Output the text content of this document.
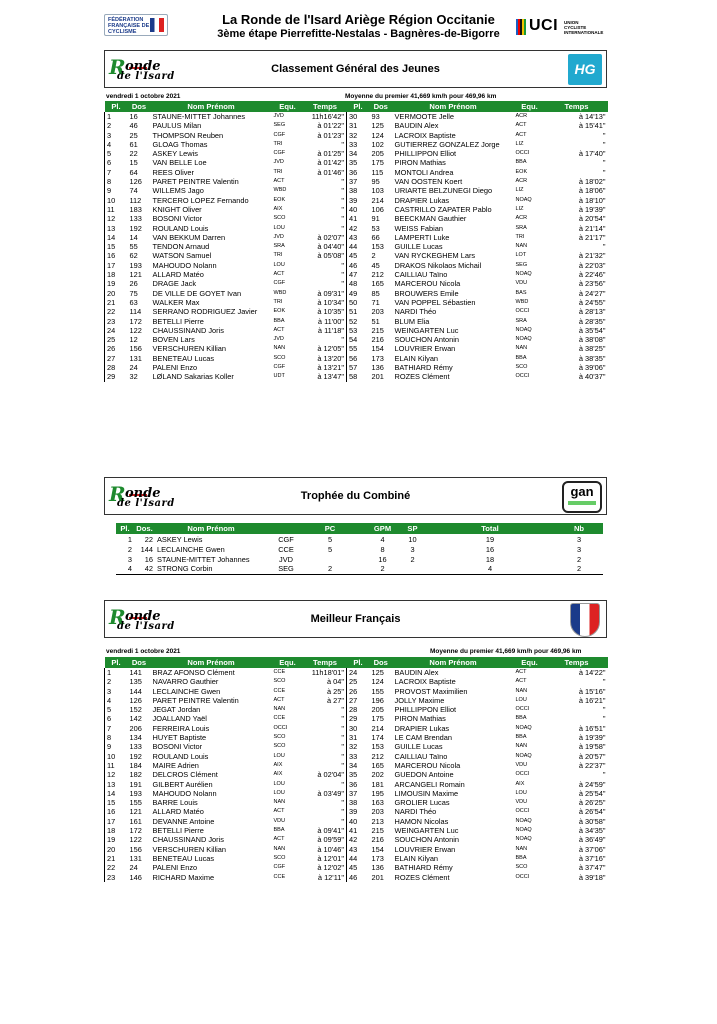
FÉDÉRATION FRANÇAISE DE CYCLISME
La Ronde de l'Isard Ariège Région Occitanie
3ème étape Pierrefitte-Nestalas - Bagnères-de-Bigorre	UCI UNION CYCLISTE INTERNATIONALE
R onde
de l'Isard
Classement Général des Jeunes	HG
vendredi 1 octobre 2021	Moyenne du premier 41,669 km/h pour 469,96 km
Pl.	Dos	Nom Prénom	Equ.	Temps	Pl.	Dos	Nom Prénom	Equ.	Temps
1	16	STAUNE-MITTET Johannes	JVD	11h16'42"	30	93	VERMOOTE Jelle	ACR	à 14'13"
2	46	PAULUS Milan	SEG	à 01'22"	31	125	BAUDIN Alex	ACT	à 15'41"
3	25	THOMPSON Reuben	CGF	à 01'23"	32	124	LACROIX Baptiste	ACT	"
4	61	GLOAG Thomas	TRI	"	33	102	GUTIERREZ GONZALEZ Jorge	LIZ	"
5	22	ASKEY Lewis	CGF	à 01'25"	34	205	PHILLIPPON Elliot	OCCI	à 17'40"
6	15	VAN BELLE Loe	JVD	à 01'42"	35	175	PIRON Mathias	BBA	"
7	64	REES Oliver	TRI	à 01'46"	36	115	MONTOLI Andrea	EOK	"
8	126	PARET PEINTRE Valentin	ACT	"	37	95	VAN OOSTEN Koert	ACR	à 18'02"
9	74	WILLEMS Jago	WBD	"	38	103	URIARTE BELZUNEGI Diego	LIZ	à 18'06"
10	112	TERCERO LOPEZ Fernando	EOK	"	39	214	DRAPIER Lukas	NOAQ	à 18'10"
11	183	KNIGHT Oliver	AIX	"	40	106	CASTRILLO ZAPATER Pablo	LIZ	à 19'39"
12	133	BOSONI Victor	SCO	"	41	91	BEECKMAN Gauthier	ACR	à 20'54"
13	192	ROULAND Louis	LOU	"	42	53	WEISS Fabian	SRA	à 21'14"
14	14	VAN BEKKUM Darren	JVD	à 02'07"	43	66	LAMPERTI Luke	TRI	à 21'17"
15	55	TENDON Arnaud	SRA	à 04'40"	44	153	GUILLE Lucas	NAN	"
16	62	WATSON Samuel	TRI	à 05'08"	45	2	VAN RYCKEGHEM Lars	LOT	à 21'32"
17	193	MAHOUDO Nolann	LOU	"	46	45	DRAKOS Nikolaos Michail	SEG	à 22'03"
18	121	ALLARD Matéo	ACT	"	47	212	CAILLIAU Taïno	NOAQ	à 22'46"
19	26	DRAGE Jack	CGF	"	48	165	MARCEROU Nicola	VDU	à 23'56"
20	75	DE VILLE DE GOYET Ivan	WBD	à 09'31"	49	85	BROUWERS Emile	BAS	à 24'27"
21	63	WALKER Max	TRI	à 10'34"	50	71	VAN POPPEL Sébastien	WBD	à 24'55"
22	114	SERRANO RODRIGUEZ Javier	EOK	à 10'35"	51	203	NARDI Théo	OCCI	à 28'13"
23	172	BETELLI Pierre	BBA	à 11'00"	52	51	BLUM Elia	SRA	à 28'35"
24	122	CHAUSSINAND Joris	ACT	à 11'18"	53	215	WEINGARTEN Luc	NOAQ	à 35'54"
25	12	BOVEN Lars	JVD	"	54	216	SOUCHON Antonin	NOAQ	à 38'08"
26	156	VERSCHUREN Killian	NAN	à 12'05"	55	154	LOUVRIER Erwan	NAN	à 38'25"
27	131	BENETEAU Lucas	SCO	à 13'20"	56	173	ELAIN Kilyan	BBA	à 38'35"
28	24	PALENI Enzo	CGF	à 13'21"	57	136	BATHIARD Rémy	SCO	à 39'06"
29	32	LØLAND Sakarias Koller	UDT	à 13'47"	58	201	ROZES Clément	OCCI	à 40'37"
R onde
de l'Isard
Trophée du Combiné	gan
Pl.	Dos.	Nom Prénom		PC		GPM	SP	Total	Nb
1	22	ASKEY Lewis	CGF	5		4	10	19	3
2	144	LECLAINCHE Gwen	CCE	5		8	3	16	3
3	16	STAUNE-MITTET Johannes	JVD			16	2	18	2
4	42	STRONG Corbin	SEG	2		2		4	2
R onde
de l'Isard
Meilleur Français
vendredi 1 octobre 2021	Moyenne du premier 41,669 km/h pour 469,96 km
Pl.	Dos	Nom Prénom	Equ.	Temps	Pl.	Dos	Nom Prénom	Equ.	Temps
1	141	BRAZ AFONSO Clément	CCE	11h18'01"	24	125	BAUDIN Alex	ACT	à 14'22"
2	135	NAVARRO Gauthier	SCO	à 04"	25	124	LACROIX Baptiste	ACT	"
3	144	LECLAINCHE Gwen	CCE	à 25"	26	155	PROVOST Maximilien	NAN	à 15'16"
4	126	PARET PEINTRE Valentin	ACT	à 27"	27	196	JOLLY Maxime	LOU	à 16'21"
5	152	JEGAT Jordan	NAN	"	28	205	PHILLIPPON Elliot	OCCI	"
6	142	JOALLAND Yaël	CCE	"	29	175	PIRON Mathias	BBA	"
7	206	FERREIRA Louis	OCCI	"	30	214	DRAPIER Lukas	NOAQ	à 16'51"
8	134	HUYET Baptiste	SCO	"	31	174	LE CAM Brendan	BBA	à 19'39"
9	133	BOSONI Victor	SCO	"	32	153	GUILLE Lucas	NAN	à 19'58"
10	192	ROULAND Louis	LOU	"	33	212	CAILLIAU Taïno	NOAQ	à 20'57"
11	184	MAIRE Adrien	AIX	"	34	165	MARCEROU Nicola	VDU	à 22'37"
12	182	DELCROS Clément	AIX	à 02'04"	35	202	GUEDON Antoine	OCCI	"
13	191	GILBERT Aurélien	LOU	"	36	181	ARCANGELI Romain	AIX	à 24'59"
14	193	MAHOUDO Nolann	LOU	à 03'49"	37	195	LIMOUSIN Maxime	LOU	à 25'54"
15	155	BARRE Louis	NAN	"	38	163	GROLIER Lucas	VDU	à 26'25"
16	121	ALLARD Matéo	ACT	"	39	203	NARDI Théo	OCCI	à 26'54"
17	161	DEVANNE Antoine	VDU	"	40	213	HAMON Nicolas	NOAQ	à 30'58"
18	172	BETELLI Pierre	BBA	à 09'41"	41	215	WEINGARTEN Luc	NOAQ	à 34'35"
19	122	CHAUSSINAND Joris	ACT	à 09'59"	42	216	SOUCHON Antonin	NOAQ	à 36'49"
20	156	VERSCHUREN Killian	NAN	à 10'46"	43	154	LOUVRIER Erwan	NAN	à 37'06"
21	131	BENETEAU Lucas	SCO	à 12'01"	44	173	ELAIN Kilyan	BBA	à 37'16"
22	24	PALENI Enzo	CGF	à 12'02"	45	136	BATHIARD Rémy	SCO	à 37'47"
23	146	RICHARD Maxime	CCE	à 12'11"	46	201	ROZES Clément	OCCI	à 39'18"
